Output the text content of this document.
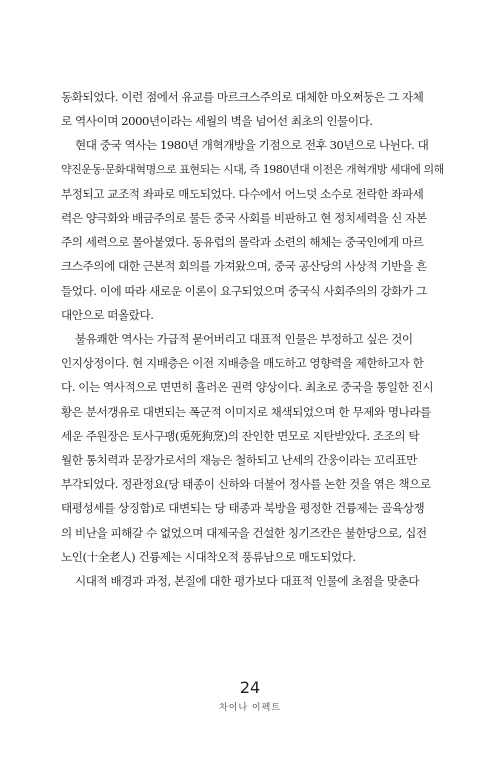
동화되었다. 이런 점에서 유교를 마르크스주의로 대체한 마오쩌둥은 그 자체
로 역사이며 2000년이라는 세월의 벽을 넘어선 최초의 인물이다.

현대 중국 역사는 1980년 개혁개방을 기점으로 전후 30년으로 나뉜다. 대
약진운동·문화대혁명으로 표현되는 시대, 즉 1980년대 이전은 개혁개방 세대에 의해
부정되고 교조적 좌파로 매도되었다. 다수에서 어느덧 소수로 전락한 좌파세
력은 양극화와 배금주의로 물든 중국 사회를 비판하고 현 정치세력을 신 자본
주의 세력으로 몰아붙였다. 동유럽의 몰락과 소련의 해체는 중국인에게 마르
크스주의에 대한 근본적 회의를 가져왔으며, 중국 공산당의 사상적 기반을 흔
들었다. 이에 따라 새로운 이론이 요구되었으며 중국식 사회주의의 강화가 그
대안으로 떠올랐다.

불유쾌한 역사는 가급적 묻어버리고 대표적 인물은 부정하고 싶은 것이
인지상정이다. 현 지배층은 이전 지배층을 매도하고 영향력을 제한하고자 한
다. 이는 역사적으로 면면히 흘러온 권력 양상이다. 최초로 중국을 통일한 진시
황은 분서갱유로 대변되는 폭군적 이미지로 채색되었으며 한 무제와 명나라를
세운 주원장은 토사구팽(兎死狗烹)의 잔인한 면모로 지탄받았다. 조조의 탁
월한 통치력과 문장가로서의 재능은 철하되고 난세의 간웅이라는 꼬리표만
부각되었다. 정관정요(당 태종이 신하와 더불어 정사를 논한 것을 엮은 책으로
태평성세를 상징함)로 대변되는 당 태종과 북방을 평정한 건륭제는 골육상쟁
의 비난을 피해갈 수 없었으며 대제국을 건설한 칭기즈칸은 불한당으로, 십전
노인(十全老人) 건륭제는 시대착오적 풍류남으로 매도되었다.

시대적 배경과 과정, 본질에 대한 평가보다 대표적 인물에 초점을 맞춘다

24
차이나 이펙트
